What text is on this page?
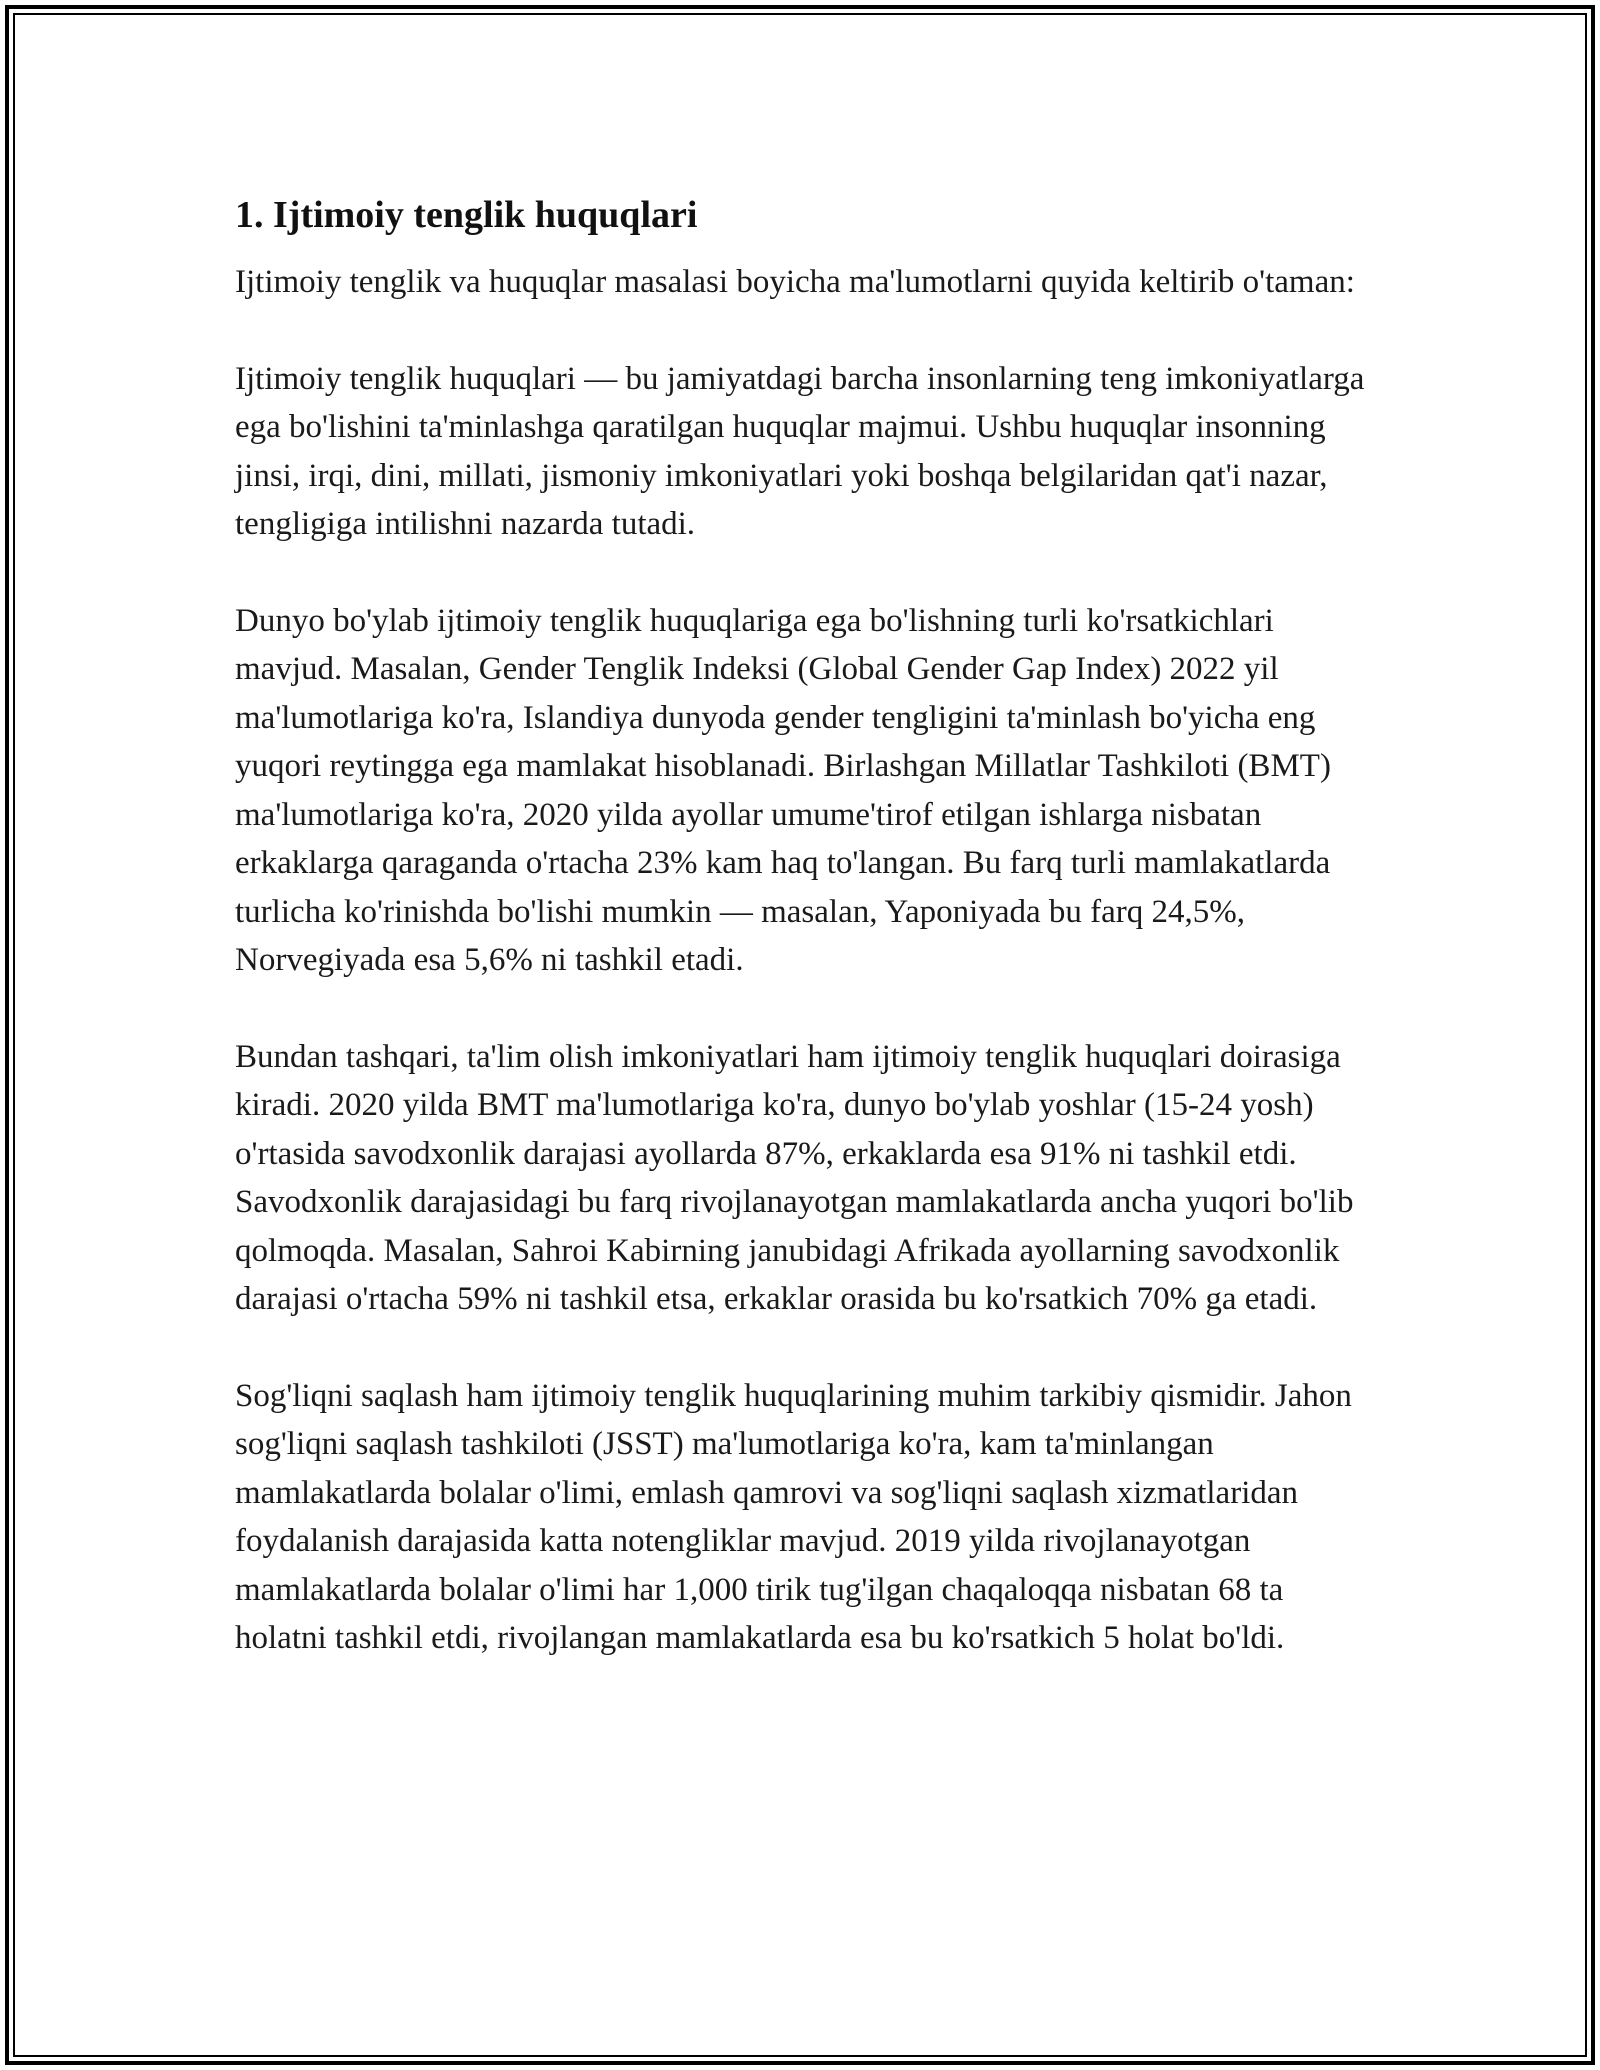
1. Ijtimoiy tenglik huquqlari

Ijtimoiy tenglik va huquqlar masalasi boyicha ma'lumotlarni quyida keltirib o'taman:

Ijtimoiy tenglik huquqlari — bu jamiyatdagi barcha insonlarning teng imkoniyatlarga ega bo'lishini ta'minlashga qaratilgan huquqlar majmui. Ushbu huquqlar insonning jinsi, irqi, dini, millati, jismoniy imkoniyatlari yoki boshqa belgilaridan qat'i nazar, tengligiga intilishni nazarda tutadi.

Dunyo bo'ylab ijtimoiy tenglik huquqlariga ega bo'lishning turli ko'rsatkichlari mavjud. Masalan, Gender Tenglik Indeksi (Global Gender Gap Index) 2022 yil ma'lumotlariga ko'ra, Islandiya dunyoda gender tengligini ta'minlash bo'yicha eng yuqori reytingga ega mamlakat hisoblanadi. Birlashgan Millatlar Tashkiloti (BMT) ma'lumotlariga ko'ra, 2020 yilda ayollar umume'tirof etilgan ishlarga nisbatan erkaklarga qaraganda o'rtacha 23% kam haq to'langan. Bu farq turli mamlakatlarda turlicha ko'rinishda bo'lishi mumkin — masalan, Yaponiyada bu farq 24,5%, Norvegiyada esa 5,6% ni tashkil etadi.

Bundan tashqari, ta'lim olish imkoniyatlari ham ijtimoiy tenglik huquqlari doirasiga kiradi. 2020 yilda BMT ma'lumotlariga ko'ra, dunyo bo'ylab yoshlar (15-24 yosh) o'rtasida savodxonlik darajasi ayollarda 87%, erkaklarda esa 91% ni tashkil etdi. Savodxonlik darajasidagi bu farq rivojlanayotgan mamlakatlarda ancha yuqori bo'lib qolmoqda. Masalan, Sahroi Kabirning janubidagi Afrikada ayollarning savodxonlik darajasi o'rtacha 59% ni tashkil etsa, erkaklar orasida bu ko'rsatkich 70% ga etadi.

Sog'liqni saqlash ham ijtimoiy tenglik huquqlarining muhim tarkibiy qismidir. Jahon sog'liqni saqlash tashkiloti (JSST) ma'lumotlariga ko'ra, kam ta'minlangan mamlakatlarda bolalar o'limi, emlash qamrovi va sog'liqni saqlash xizmatlaridan foydalanish darajasida katta notengliklar mavjud. 2019 yilda rivojlanayotgan mamlakatlarda bolalar o'limi har 1,000 tirik tug'ilgan chaqaloqqa nisbatan 68 ta holatni tashkil etdi, rivojlangan mamlakatlarda esa bu ko'rsatkich 5 holat bo'ldi.
